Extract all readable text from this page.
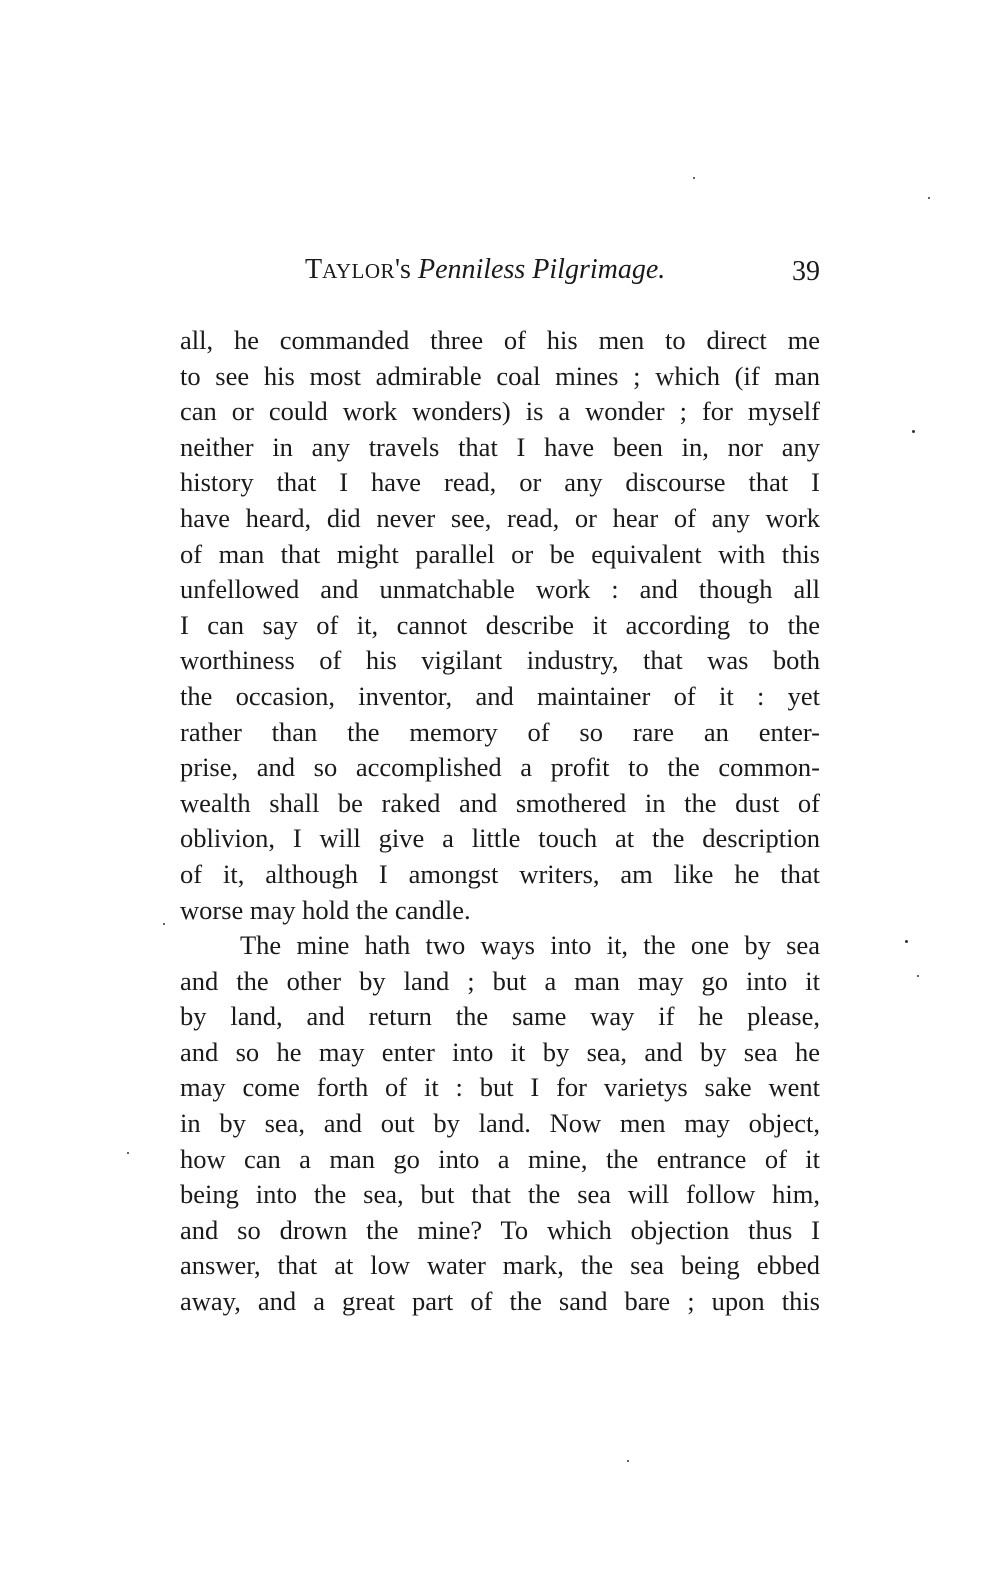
TAYLOR's Penniless Pilgrimage.	39
all, he commanded three of his men to direct me
to see his most admirable coal mines ; which (if man
can or could work wonders) is a wonder ; for myself
neither in any travels that I have been in, nor any
history that I have read, or any discourse that I
have heard, did never see, read, or hear of any work
of man that might parallel or be equivalent with this
unfellowed and unmatchable work : and though all
I can say of it, cannot describe it according to the
worthiness of his vigilant industry, that was both
the occasion, inventor, and maintainer of it : yet
rather than the memory of so rare an enter-
prise, and so accomplished a profit to the common-
wealth shall be raked and smothered in the dust of
oblivion, I will give a little touch at the description
of it, although I amongst writers, am like he that
worse may hold the candle.
The mine hath two ways into it, the one by sea
and the other by land ; but a man may go into it
by land, and return the same way if he please,
and so he may enter into it by sea, and by sea he
may come forth of it : but I for varietys sake went
in by sea, and out by land. Now men may object,
how can a man go into a mine, the entrance of it
being into the sea, but that the sea will follow him,
and so drown the mine? To which objection thus I
answer, that at low water mark, the sea being ebbed
away, and a great part of the sand bare ; upon this
